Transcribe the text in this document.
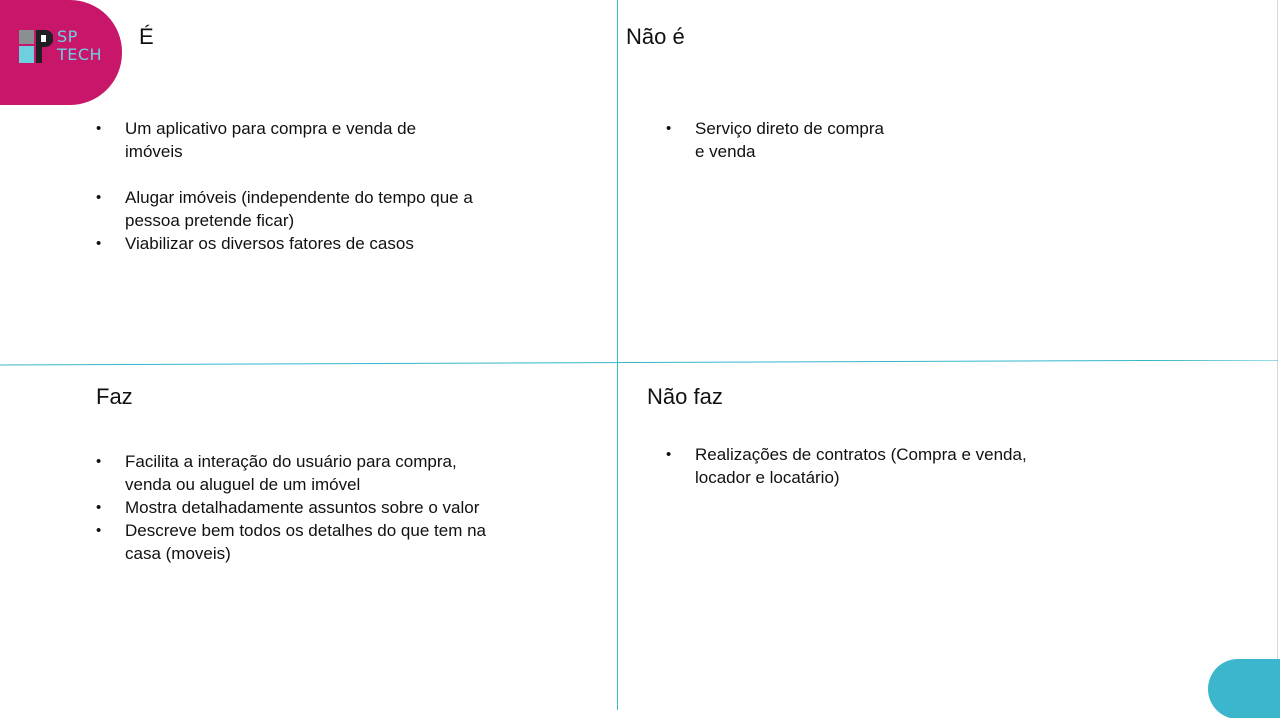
SP
TECH
É
• Um aplicativo para compra e venda de imóveis
• Alugar imóveis (independente do tempo que a pessoa pretende ficar)
• Viabilizar os diversos fatores de casos
Não é
• Serviço direto de compra e venda
Faz
• Facilita a interação do usuário para compra, venda ou aluguel de um imóvel
• Mostra detalhadamente assuntos sobre o valor
• Descreve bem todos os detalhes do que tem na casa (moveis)
Não faz
• Realizações de contratos (Compra e venda, locador e locatário)
